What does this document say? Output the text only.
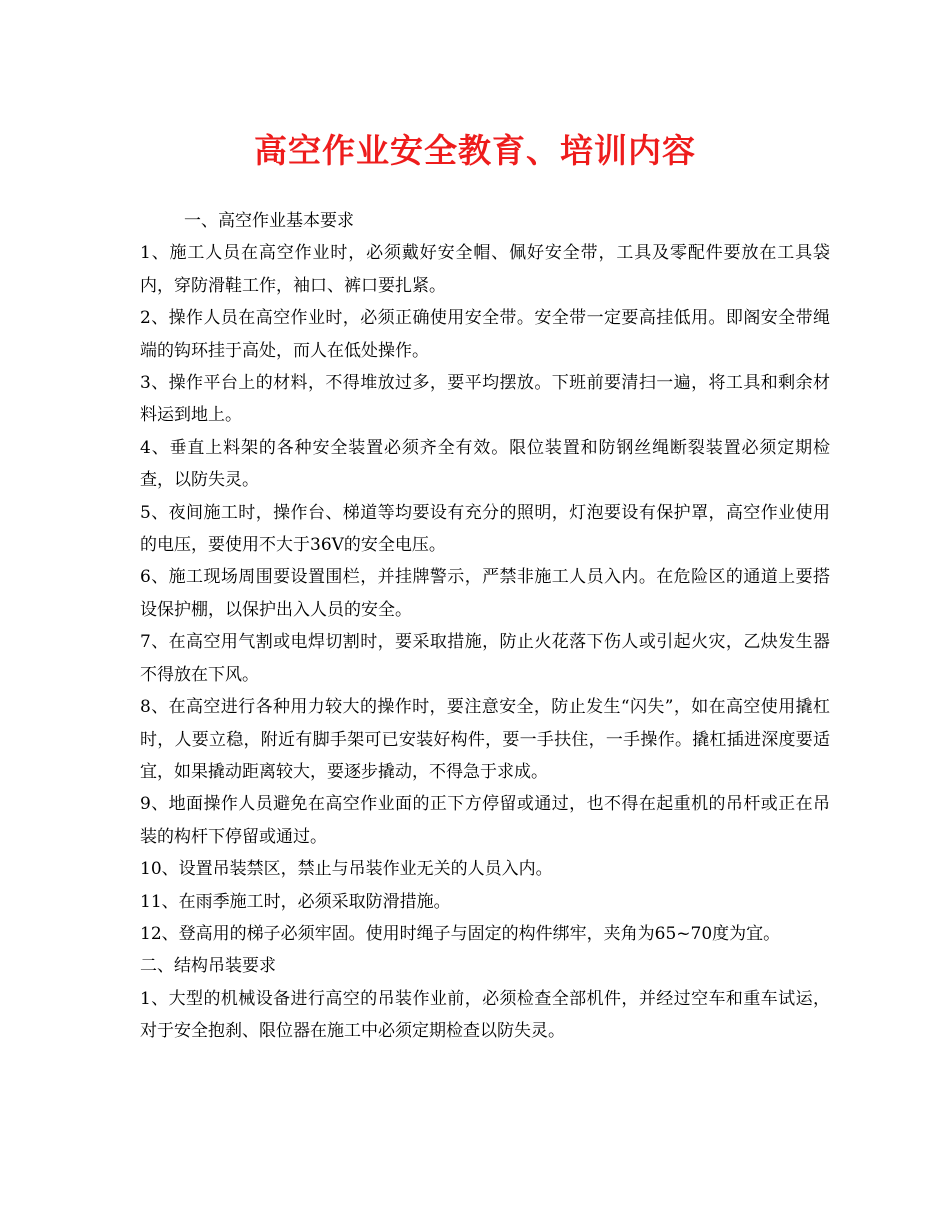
高空作业安全教育、培训内容

一、高空作业基本要求

1、施工人员在高空作业时，必须戴好安全帽、佩好安全带，工具及零配件要放在工具袋内，穿防滑鞋工作，袖口、裤口要扎紧。

2、操作人员在高空作业时，必须正确使用安全带。安全带一定要高挂低用。即阁安全带绳端的钩环挂于高处，而人在低处操作。

3、操作平台上的材料，不得堆放过多，要平均摆放。下班前要清扫一遍，将工具和剩余材料运到地上。

4、垂直上料架的各种安全装置必须齐全有效。限位装置和防钢丝绳断裂装置必须定期检查，以防失灵。

5、夜间施工时，操作台、梯道等均要设有充分的照明，灯泡要设有保护罩，高空作业使用的电压，要使用不大于36V的安全电压。

6、施工现场周围要设置围栏，并挂牌警示，严禁非施工人员入内。在危险区的通道上要搭设保护棚，以保护出入人员的安全。

7、在高空用气割或电焊切割时，要采取措施，防止火花落下伤人或引起火灾，乙炔发生器不得放在下风。

8、在高空进行各种用力较大的操作时，要注意安全，防止发生“闪失”，如在高空使用撬杠时，人要立稳，附近有脚手架可已安装好构件，要一手扶住，一手操作。撬杠插进深度要适宜，如果撬动距离较大，要逐步撬动，不得急于求成。

9、地面操作人员避免在高空作业面的正下方停留或通过，也不得在起重机的吊杆或正在吊装的构杆下停留或通过。

10、设置吊装禁区，禁止与吊装作业无关的人员入内。

11、在雨季施工时，必须采取防滑措施。

12、登高用的梯子必须牢固。使用时绳子与固定的构件绑牢，夹角为65~70度为宜。

二、结构吊装要求

1、大型的机械设备进行高空的吊装作业前，必须检查全部机件，并经过空车和重车试运，对于安全抱刹、限位器在施工中必须定期检查以防失灵。
